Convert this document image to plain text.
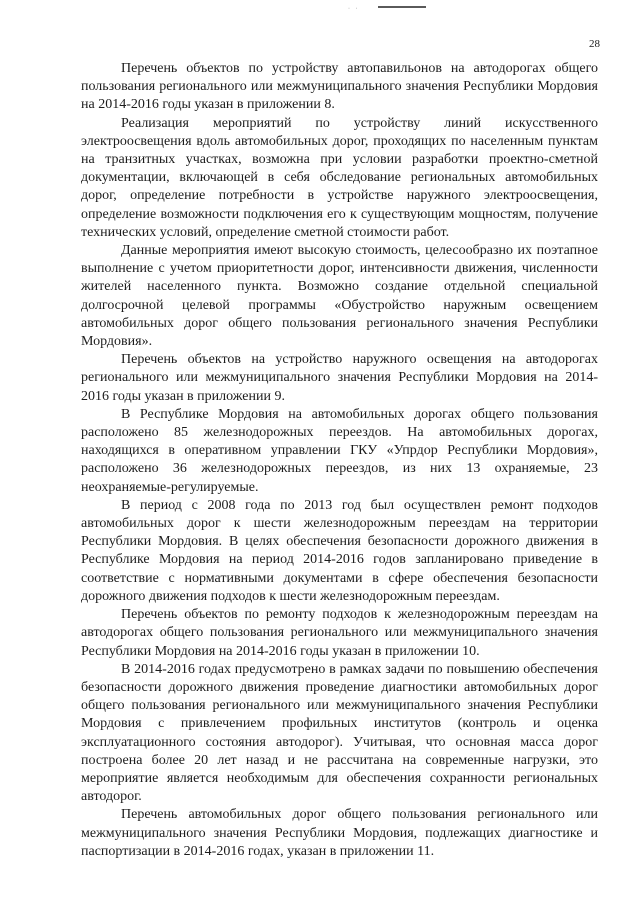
· ·
28

Перечень объектов по устройству автопавильонов на автодорогах общего пользования регионального или межмуниципального значения Республики Мордовия на 2014-2016 годы указан в приложении 8.

Реализация мероприятий по устройству линий искусственного электроосвещения вдоль автомобильных дорог, проходящих по населенным пунктам на транзитных участках, возможна при условии разработки проектно-сметной документации, включающей в себя обследование региональных автомобильных дорог, определение потребности в устройстве наружного электроосвещения, определение возможности подключения его к существующим мощностям, получение технических условий, определение сметной стоимости работ.

Данные мероприятия имеют высокую стоимость, целесообразно их поэтапное выполнение с учетом приоритетности дорог, интенсивности движения, численности жителей населенного пункта. Возможно создание отдельной специальной долгосрочной целевой программы «Обустройство наружным освещением автомобильных дорог общего пользования регионального значения Республики Мордовия».

Перечень объектов на устройство наружного освещения на автодорогах регионального или межмуниципального значения Республики Мордовия на 2014-2016 годы указан в приложении 9.

В Республике Мордовия на автомобильных дорогах общего пользования расположено 85 железнодорожных переездов. На автомобильных дорогах, находящихся в оперативном управлении ГКУ «Упрдор Республики Мордовия», расположено 36 железнодорожных переездов, из них 13 охраняемые, 23 неохраняемые-регулируемые.

В период с 2008 года по 2013 год был осуществлен ремонт подходов автомобильных дорог к шести железнодорожным переездам на территории Республики Мордовия. В целях обеспечения безопасности дорожного движения в Республике Мордовия на период 2014-2016 годов запланировано приведение в соответствие с нормативными документами в сфере обеспечения безопасности дорожного движения подходов к шести железнодорожным переездам.

Перечень объектов по ремонту подходов к железнодорожным переездам на автодорогах общего пользования регионального или межмуниципального значения Республики Мордовия на 2014-2016 годы указан в приложении 10.

В 2014-2016 годах предусмотрено в рамках задачи по повышению обеспечения безопасности дорожного движения проведение диагностики автомобильных дорог общего пользования регионального или межмуниципального значения Республики Мордовия с привлечением профильных институтов (контроль и оценка эксплуатационного состояния автодорог). Учитывая, что основная масса дорог построена более 20 лет назад и не рассчитана на современные нагрузки, это мероприятие является необходимым для обеспечения сохранности региональных автодорог.

Перечень автомобильных дорог общего пользования регионального или межмуниципального значения Республики Мордовия, подлежащих диагностике и паспортизации в 2014-2016 годах, указан в приложении 11.
